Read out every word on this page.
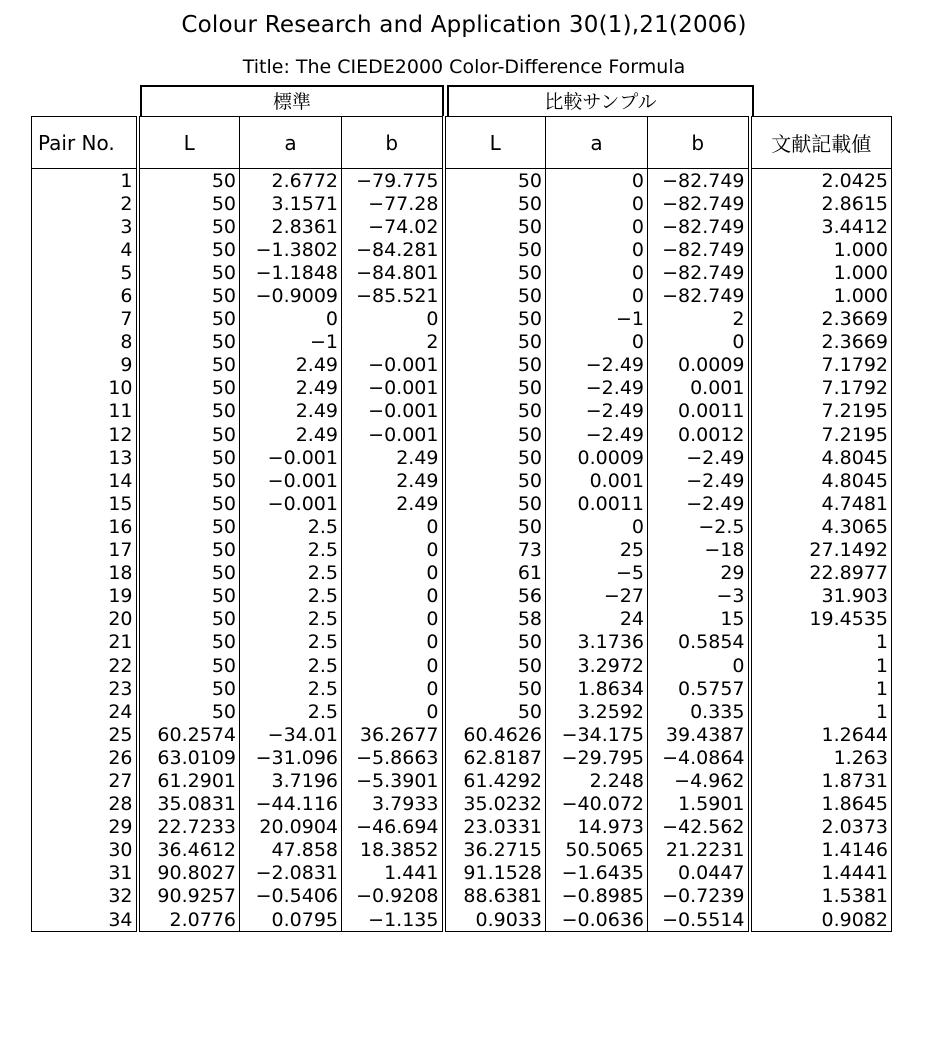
Colour Research and Application 30(1),21(2006)
Title: The CIEDE2000 Color-Difference Formula
標準	比較サンプル
Pair No.	L	a	b	L	a	b	文献記載値
1	50	2.6772	−79.775	50	0	−82.749	2.0425
2	50	3.1571	−77.28	50	0	−82.749	2.8615
3	50	2.8361	−74.02	50	0	−82.749	3.4412
4	50	−1.3802	−84.281	50	0	−82.749	1.000
5	50	−1.1848	−84.801	50	0	−82.749	1.000
6	50	−0.9009	−85.521	50	0	−82.749	1.000
7	50	0	0	50	−1	2	2.3669
8	50	−1	2	50	0	0	2.3669
9	50	2.49	−0.001	50	−2.49	0.0009	7.1792
10	50	2.49	−0.001	50	−2.49	0.001	7.1792
11	50	2.49	−0.001	50	−2.49	0.0011	7.2195
12	50	2.49	−0.001	50	−2.49	0.0012	7.2195
13	50	−0.001	2.49	50	0.0009	−2.49	4.8045
14	50	−0.001	2.49	50	0.001	−2.49	4.8045
15	50	−0.001	2.49	50	0.0011	−2.49	4.7481
16	50	2.5	0	50	0	−2.5	4.3065
17	50	2.5	0	73	25	−18	27.1492
18	50	2.5	0	61	−5	29	22.8977
19	50	2.5	0	56	−27	−3	31.903
20	50	2.5	0	58	24	15	19.4535
21	50	2.5	0	50	3.1736	0.5854	1
22	50	2.5	0	50	3.2972	0	1
23	50	2.5	0	50	1.8634	0.5757	1
24	50	2.5	0	50	3.2592	0.335	1
25	60.2574	−34.01	36.2677	60.4626	−34.175	39.4387	1.2644
26	63.0109	−31.096	−5.8663	62.8187	−29.795	−4.0864	1.263
27	61.2901	3.7196	−5.3901	61.4292	2.248	−4.962	1.8731
28	35.0831	−44.116	3.7933	35.0232	−40.072	1.5901	1.8645
29	22.7233	20.0904	−46.694	23.0331	14.973	−42.562	2.0373
30	36.4612	47.858	18.3852	36.2715	50.5065	21.2231	1.4146
31	90.8027	−2.0831	1.441	91.1528	−1.6435	0.0447	1.4441
32	90.9257	−0.5406	−0.9208	88.6381	−0.8985	−0.7239	1.5381
34	2.0776	0.0795	−1.135	0.9033	−0.0636	−0.5514	0.9082
